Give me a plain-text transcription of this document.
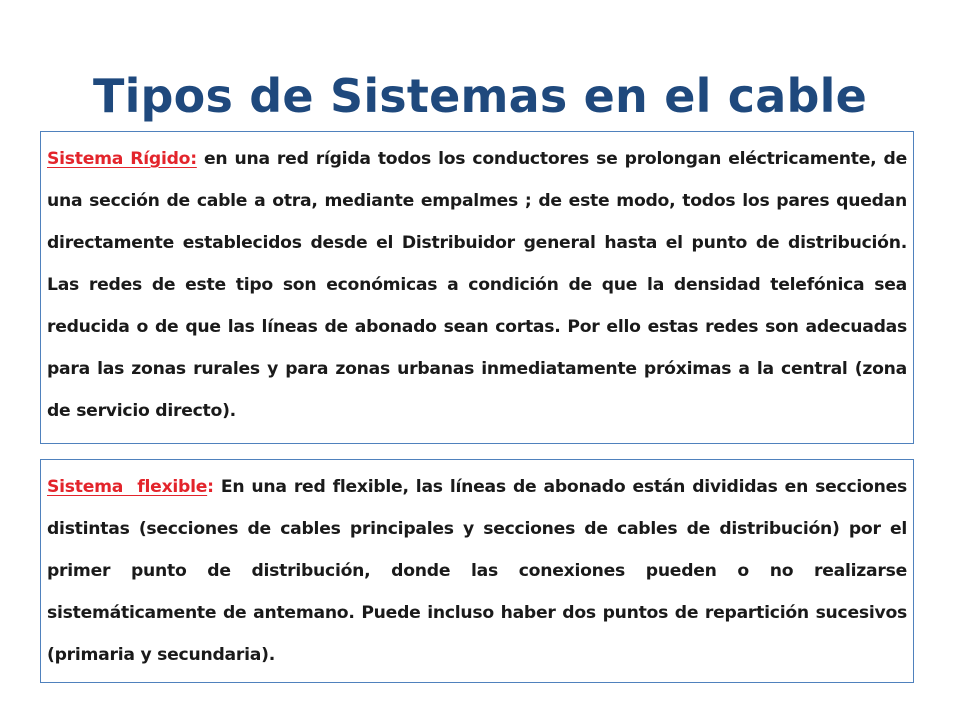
Tipos de Sistemas en el cable

Sistema Rígido: en una red rígida todos los conductores se prolongan eléctricamente, de una sección de cable a otra, mediante empalmes ; de este modo, todos los pares quedan directamente establecidos desde el Distribuidor general hasta el punto de distribución. Las redes de este tipo son económicas a condición de que la densidad telefónica sea reducida o de que las líneas de abonado sean cortas. Por ello estas redes son adecuadas para las zonas rurales y para zonas urbanas inmediatamente próximas a la central (zona de servicio directo).

Sistema  flexible: En una red flexible, las líneas de abonado están divididas en secciones distintas (secciones de cables principales y secciones de cables de distribución) por el primer punto de distribución, donde las conexiones pueden o no realizarse sistemáticamente de antemano. Puede incluso haber dos puntos de repartición sucesivos (primaria y secundaria).
